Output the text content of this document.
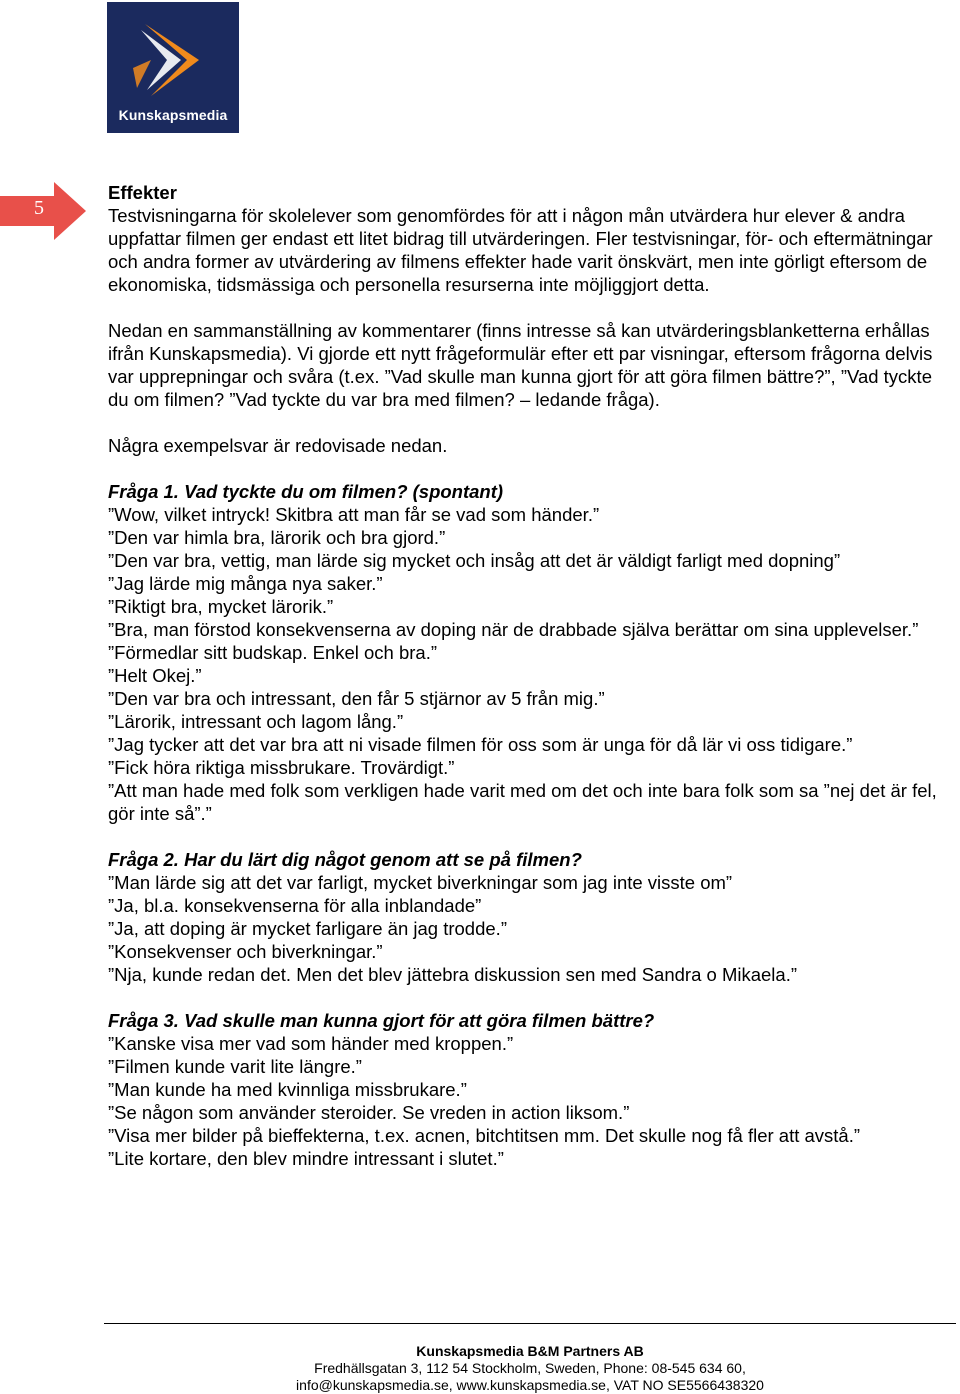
Kunskapsmedia
5

Effekter

Testvisningarna för skolelever som genomfördes för att i någon mån utvärdera hur elever & andra uppfattar filmen ger endast ett litet bidrag till utvärderingen. Fler testvisningar, för- och eftermätningar och andra former av utvärdering av filmens effekter hade varit önskvärt, men inte görligt eftersom de ekonomiska, tidsmässiga och personella resurserna inte möjliggjort detta.

Nedan en sammanställning av kommentarer (finns intresse så kan utvärderingsblanketterna erhållas ifrån Kunskapsmedia). Vi gjorde ett nytt frågeformulär efter ett par visningar, eftersom frågorna delvis var upprepningar och svåra (t.ex. ”Vad skulle man kunna gjort för att göra filmen bättre?”, ”Vad tyckte du om filmen? ”Vad tyckte du var bra med filmen? – ledande fråga).

Några exempelsvar är redovisade nedan.

Fråga 1. Vad tyckte du om filmen? (spontant)

”Wow, vilket intryck! Skitbra att man får se vad som händer.”

”Den var himla bra, lärorik och bra gjord.”

”Den var bra, vettig, man lärde sig mycket och insåg att det är väldigt farligt med dopning”

”Jag lärde mig många nya saker.”

”Riktigt bra, mycket lärorik.”

”Bra, man förstod konsekvenserna av doping när de drabbade själva berättar om sina upplevelser.”

”Förmedlar sitt budskap. Enkel och bra.”

”Helt Okej.”

”Den var bra och intressant, den får 5 stjärnor av 5 från mig.”

”Lärorik, intressant och lagom lång.”

”Jag tycker att det var bra att ni visade filmen för oss som är unga för då lär vi oss tidigare.”

”Fick höra riktiga missbrukare. Trovärdigt.”

”Att man hade med folk som verkligen hade varit med om det och inte bara folk som sa ”nej det är fel, gör inte så”.”

Fråga 2. Har du lärt dig något genom att se på filmen?

”Man lärde sig att det var farligt, mycket biverkningar som jag inte visste om”

”Ja, bl.a. konsekvenserna för alla inblandade”

”Ja, att doping är mycket farligare än jag trodde.”

”Konsekvenser och biverkningar.”

”Nja, kunde redan det. Men det blev jättebra diskussion sen med Sandra o Mikaela.”

Fråga 3. Vad skulle man kunna gjort för att göra filmen bättre?

”Kanske visa mer vad som händer med kroppen.”

”Filmen kunde varit lite längre.”

”Man kunde ha med kvinnliga missbrukare.”

”Se någon som använder steroider. Se vreden in action liksom.”

”Visa mer bilder på bieffekterna, t.ex. acnen, bitchtitsen mm. Det skulle nog få fler att avstå.”

”Lite kortare, den blev mindre intressant i slutet.”

Kunskapsmedia B&M Partners AB
Fredhällsgatan 3, 112 54 Stockholm, Sweden, Phone: 08-545 634 60,
info@kunskapsmedia.se, www.kunskapsmedia.se, VAT NO SE5566438320
